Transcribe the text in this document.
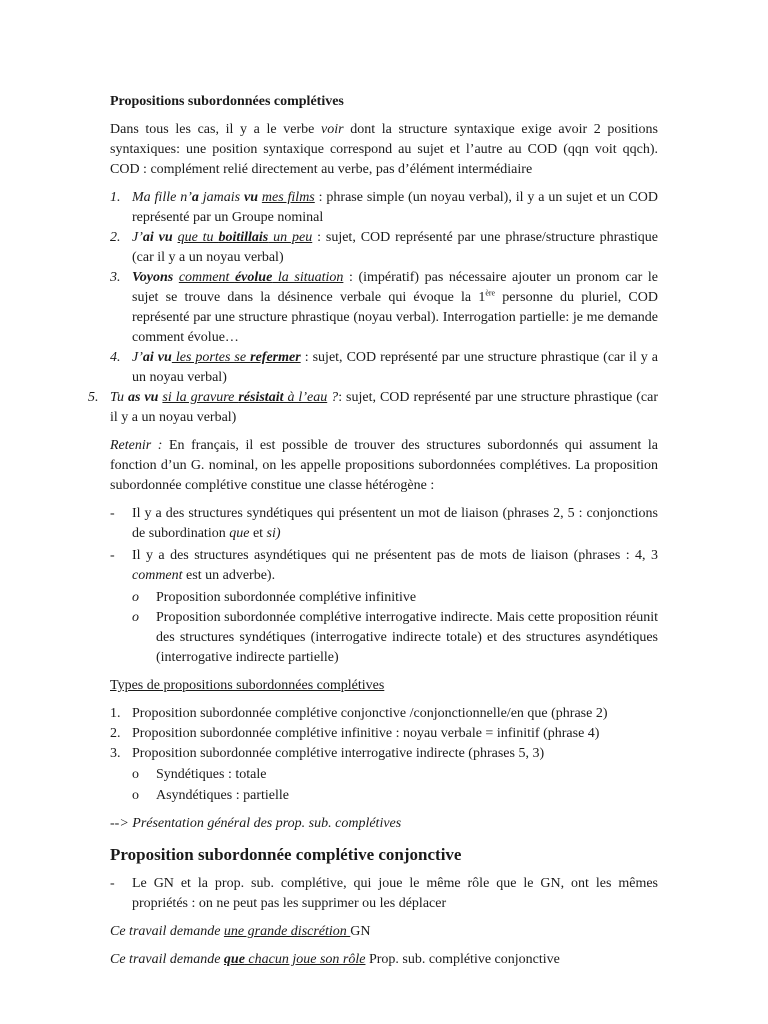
Propositions subordonnées complétives

Dans tous les cas, il y a le verbe voir dont la structure syntaxique exige avoir 2 positions syntaxiques: une position syntaxique correspond au sujet et l’autre au COD (qqn voit qqch). COD : complément relié directement au verbe, pas d’élément intermédiaire

1. Ma fille n’a jamais vu mes films : phrase simple (un noyau verbal), il y a un sujet et un COD représenté par un Groupe nominal
2. J’ai vu que tu boitillais un peu : sujet, COD représenté par une phrase/structure phrastique (car il y a un noyau verbal)
3. Voyons comment évolue la situation : (impératif) pas nécessaire ajouter un pronom car le sujet se trouve dans la désinence verbale qui évoque la 1ère personne du pluriel, COD représenté par une structure phrastique (noyau verbal). Interrogation partielle: je me demande comment évolue…
4. J’ai vu les portes se refermer : sujet, COD représenté par une structure phrastique (car il y a un noyau verbal)
5. Tu as vu si la gravure résistait à l’eau ?: sujet, COD représenté par une structure phrastique (car il y a un noyau verbal)

Retenir : En français, il est possible de trouver des structures subordonnés qui assument la fonction d’un G. nominal, on les appelle propositions subordonnées complétives. La proposition subordonnée complétive constitue une classe hétérogène :

- Il y a des structures syndétiques qui présentent un mot de liaison (phrases 2, 5 : conjonctions de subordination que et si)
- Il y a des structures asyndétiques qui ne présentent pas de mots de liaison (phrases : 4, 3 comment est un adverbe).
o Proposition subordonnée complétive infinitive
o Proposition subordonnée complétive interrogative indirecte. Mais cette proposition réunit des structures syndétiques (interrogative indirecte totale) et des structures asyndétiques (interrogative indirecte partielle)

Types de propositions subordonnées complétives

1. Proposition subordonnée complétive conjonctive /conjonctionnelle/en que (phrase 2)
2. Proposition subordonnée complétive infinitive : noyau verbale = infinitif (phrase 4)
3. Proposition subordonnée complétive interrogative indirecte (phrases 5, 3)
o Syndétiques : totale
o Asyndétiques : partielle

--> Présentation général des prop. sub. complétives

Proposition subordonnée complétive conjonctive
- Le GN et la prop. sub. complétive, qui joue le même rôle que le GN, ont les mêmes propriétés : on ne peut pas les supprimer ou les déplacer

Ce travail demande une grande discrétion GN

Ce travail demande que chacun joue son rôle Prop. sub. complétive conjonctive
